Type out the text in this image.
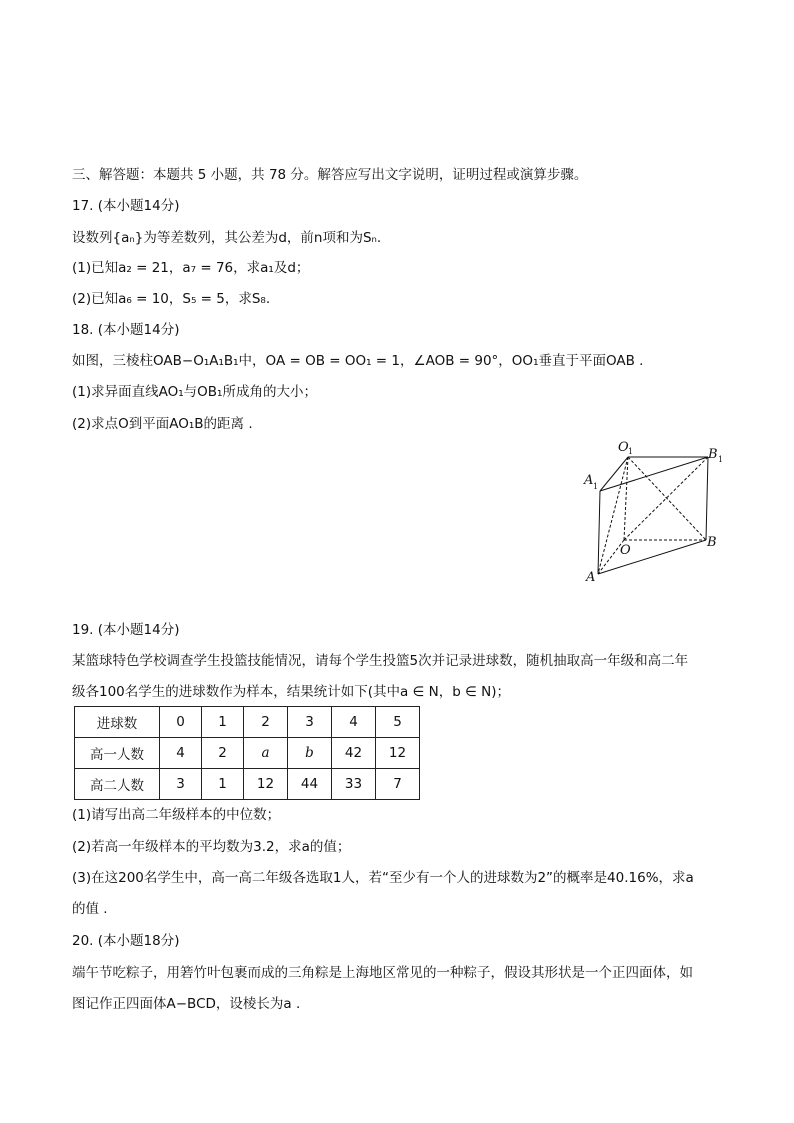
三、解答题：本题共 5 小题，共 78 分。解答应写出文字说明，证明过程或演算步骤。
17. (本小题14分)
设数列{aₙ}为等差数列，其公差为d，前n项和为Sₙ.
(1)已知a₂ = 21，a₇ = 76，求a₁及d；
(2)已知a₆ = 10，S₅ = 5，求S₈.
18. (本小题14分)
如图，三棱柱OAB−O₁A₁B₁中，OA = OB = OO₁ = 1，∠AOB = 90°，OO₁垂直于平面OAB .
(1)求异面直线AO₁与OB₁所成角的大小；
(2)求点O到平面AO₁B的距离 .
O 1	B 1
A 1
O
B
A
19. (本小题14分)
某篮球特色学校调查学生投篮技能情况，请每个学生投篮5次并记录进球数，随机抽取高一年级和高二年
级各100名学生的进球数作为样本，结果统计如下(其中a ∈ N，b ∈ N)；
进球数	0	1	2	3	4	5
高一人数	4	2	a	b	42	12
高二人数	3	1	12	44	33	7
(1)请写出高二年级样本的中位数；
(2)若高一年级样本的平均数为3.2，求a的值；
(3)在这200名学生中，高一高二年级各选取1人，若“至少有一个人的进球数为2”的概率是40.16%，求a
的值 .
20. (本小题18分)
端午节吃粽子，用箬竹叶包裹而成的三角粽是上海地区常见的一种粽子，假设其形状是一个正四面体，如
图记作正四面体A−BCD，设棱长为a .
